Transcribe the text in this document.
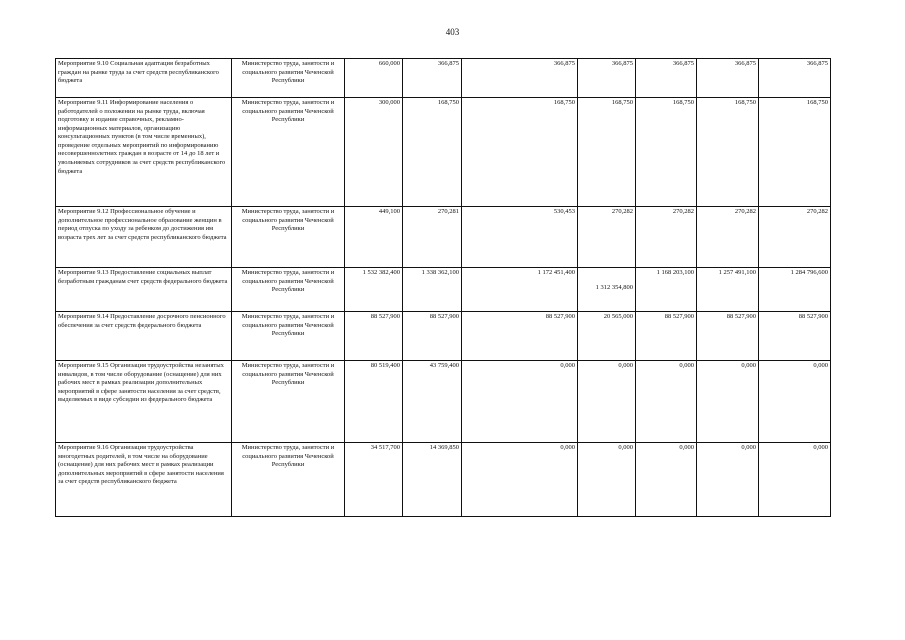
403
Мероприятие 9.10 Социальная адаптация безработных граждан на рынке труда за счет средств республиканского бюджета	Министерство труда, занятости и социального развития Чеченской Республики	660,000	366,875	366,875	366,875	366,875	366,875	366,875
Мероприятие 9.11 Информирование населения о работодателей о положении на рынке труда, включая подготовку и издание справочных, рекламно- информационных материалов, организацию консультационных пунктов (в том числе временных), проведение отдельных мероприятий по информированию несовершеннолетних граждан в возрасте от 14 до 18 лет и увольняемых сотрудников за счет средств республиканского бюджета	Министерство труда, занятости и социального развития Чеченской Республики	300,000	168,750	168,750	168,750	168,750	168,750	168,750
Мероприятие 9.12 Профессиональное обучение и дополнительное профессиональное образование женщин в период отпуска по уходу за ребенком до достижения им возраста трех лет за счет средств республиканского бюджета	Министерство труда, занятости и социального развития Чеченской Республики	449,100	270,281	530,453	270,282	270,282	270,282	270,282
Мероприятие 9.13 Предоставление социальных выплат безработным гражданам счет средств федерального бюджета	Министерство труда, занятости и социального развития Чеченской Республики	1 532 382,400	1 338 362,100	1 172 451,400	1 312 354,800	1 168 203,100	1 257 491,100	1 284 796,600
Мероприятие 9.14 Предоставление досрочного пенсионного обеспечения за счет средств федерального бюджета	Министерство труда, занятости и социального развития Чеченской Республики	88 527,900	88 527,900	88 527,900	20 565,000	88 527,900	88 527,900	88 527,900
Мероприятие 9.15 Организация трудоустройства незанятых инвалидов, в том числе оборудование (оснащение) для них рабочих мест в рамках реализации дополнительных мероприятий в сфере занятости населения за счет средств, выделяемых в виде субсидии из федерального бюджета	Министерство труда, занятости и социального развития Чеченской Республики	80 519,400	43 759,400	0,000	0,000	0,000	0,000	0,000
Мероприятие 9.16 Организация трудоустройства многодетных родителей, в том числе на оборудование (оснащение) для них рабочих мест в рамках реализации дополнительных мероприятий в сфере занятости населения за счет средств республиканского бюджета	Министерство труда, занятости и социального развития Чеченской Республики	34 517,700	14 369,850	0,000	0,000	0,000	0,000	0,000
